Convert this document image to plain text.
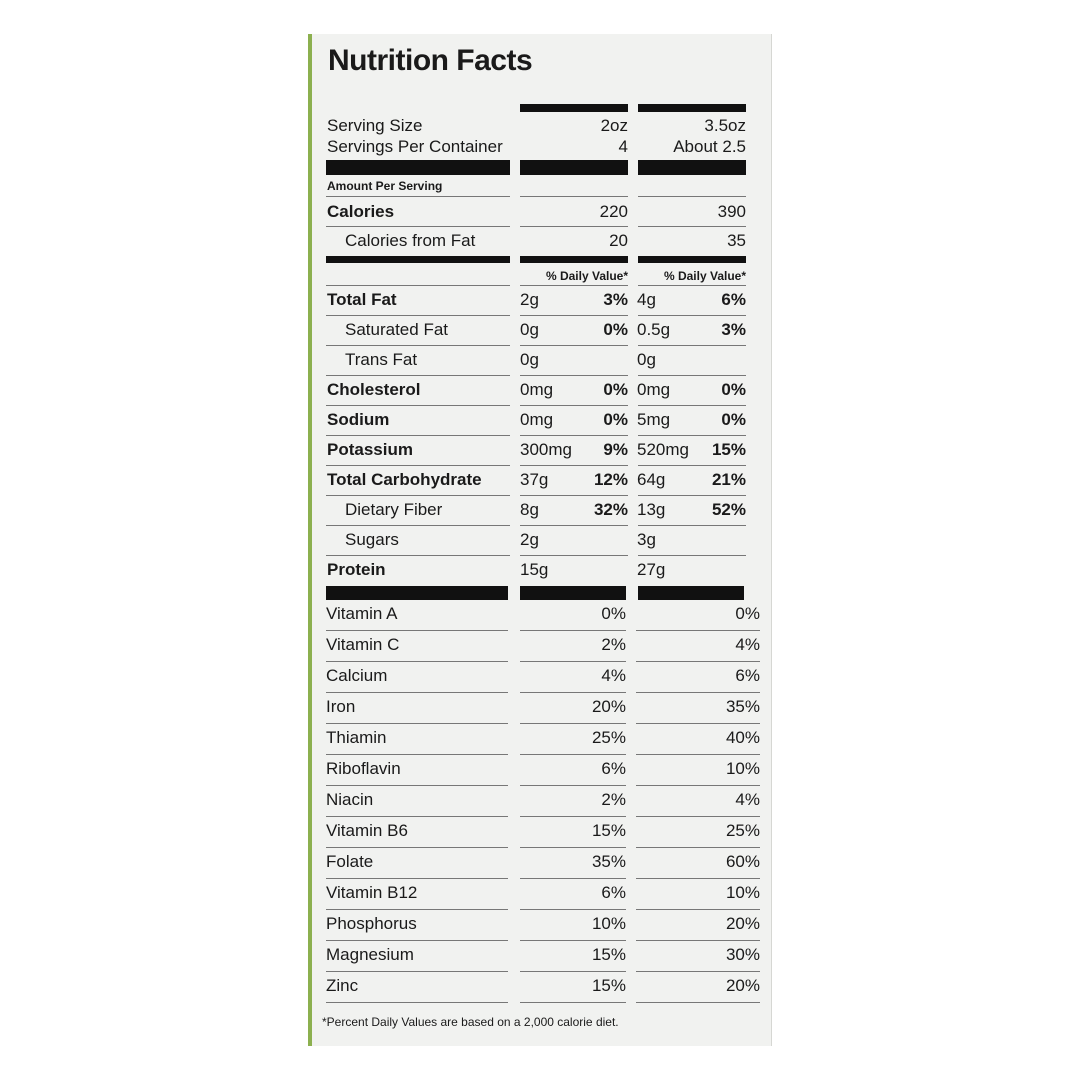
Nutrition Facts
Serving Size	2oz	3.5oz
Servings Per Container	4	About 2.5
Amount Per Serving
Calories	220	390
Calories from Fat	20	35
% Daily Value*	% Daily Value*
Total Fat	2g	3% 4g	6%
Saturated Fat	0g	0% 0.5g	3%
Trans Fat	0g	0g
Cholesterol	0mg	0% 0mg	0%
Sodium	0mg	0% 5mg	0%
Potassium	300mg	9% 520mg	15%
Total Carbohydrate 37g	12% 64g	21%
Dietary Fiber	8g	32% 13g	52%
Sugars	2g	3g
Protein	15g	27g
Vitamin A	0%	0%
Vitamin C	2%	4%
Calcium	4%	6%
Iron	20%	35%
Thiamin	25%	40%
Riboflavin	6%	10%
Niacin	2%	4%
Vitamin B6	15%	25%
Folate	35%	60%
Vitamin B12	6%	10%
Phosphorus	10%	20%
Magnesium	15%	30%
Zinc	15%	20%
*Percent Daily Values are based on a 2,000 calorie diet.
